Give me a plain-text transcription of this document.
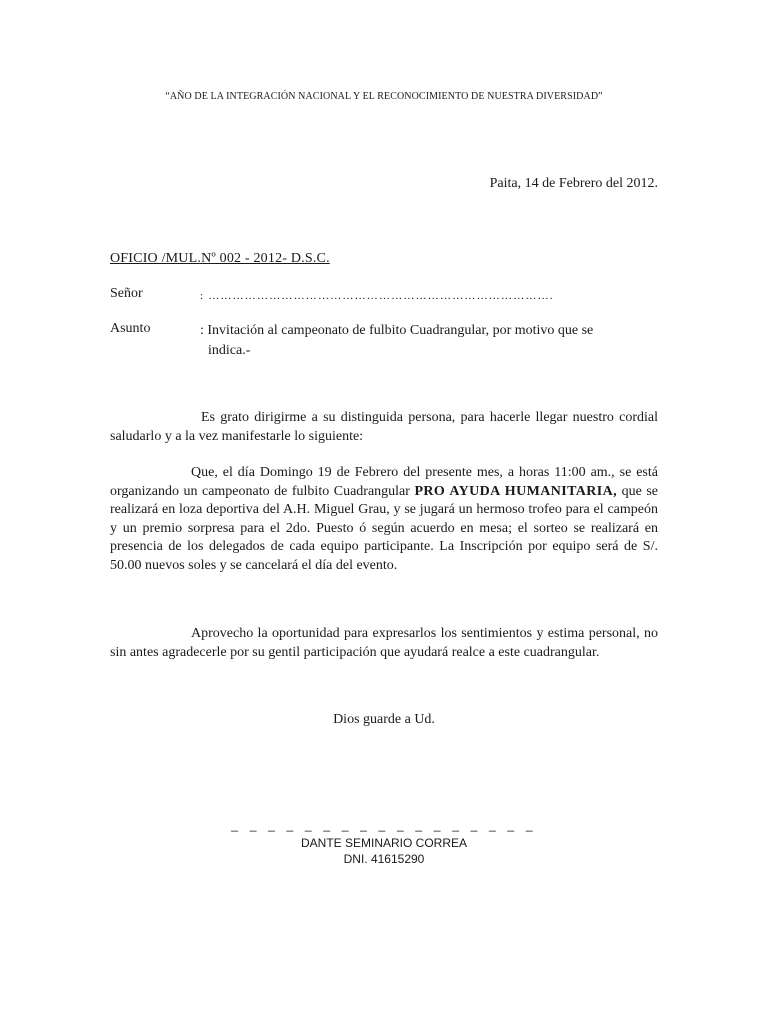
“AÑO DE LA INTEGRACIÓN NACIONAL Y EL RECONOCIMIENTO DE NUESTRA DIVERSIDAD”
Paita, 14 de Febrero del 2012.
OFICIO /MUL.Nº 002 - 2012- D.S.C.
Señor	: ………………………………………………………………………….
Asunto	: Invitación al campeonato de fulbito Cuadrangular, por motivo que se
indica.-

Es grato dirigirme a su distinguida persona, para hacerle llegar nuestro cordial saludarlo y a la vez manifestarle lo siguiente:

Que, el día Domingo 19 de Febrero del presente mes, a horas 11:00 am., se está organizando un campeonato de fulbito Cuadrangular PRO AYUDA HUMANITARIA, que se realizará en loza deportiva del A.H. Miguel Grau, y se jugará un hermoso trofeo para el campeón y un premio sorpresa para el 2do. Puesto ó según acuerdo en mesa; el sorteo se realizará en presencia de los delegados de cada equipo participante. La Inscripción por equipo será de S/. 50.00 nuevos soles y se cancelará el día del evento.

Aprovecho la oportunidad para expresarlos los sentimientos y estima personal, no sin antes agradecerle por su gentil participación que ayudará realce a este cuadrangular.

Dios guarde a Ud.
_ _ _ _ _ _ _ _ _ _ _ _ _ _ _ _ _
DANTE SEMINARIO CORREA
DNI. 41615290
